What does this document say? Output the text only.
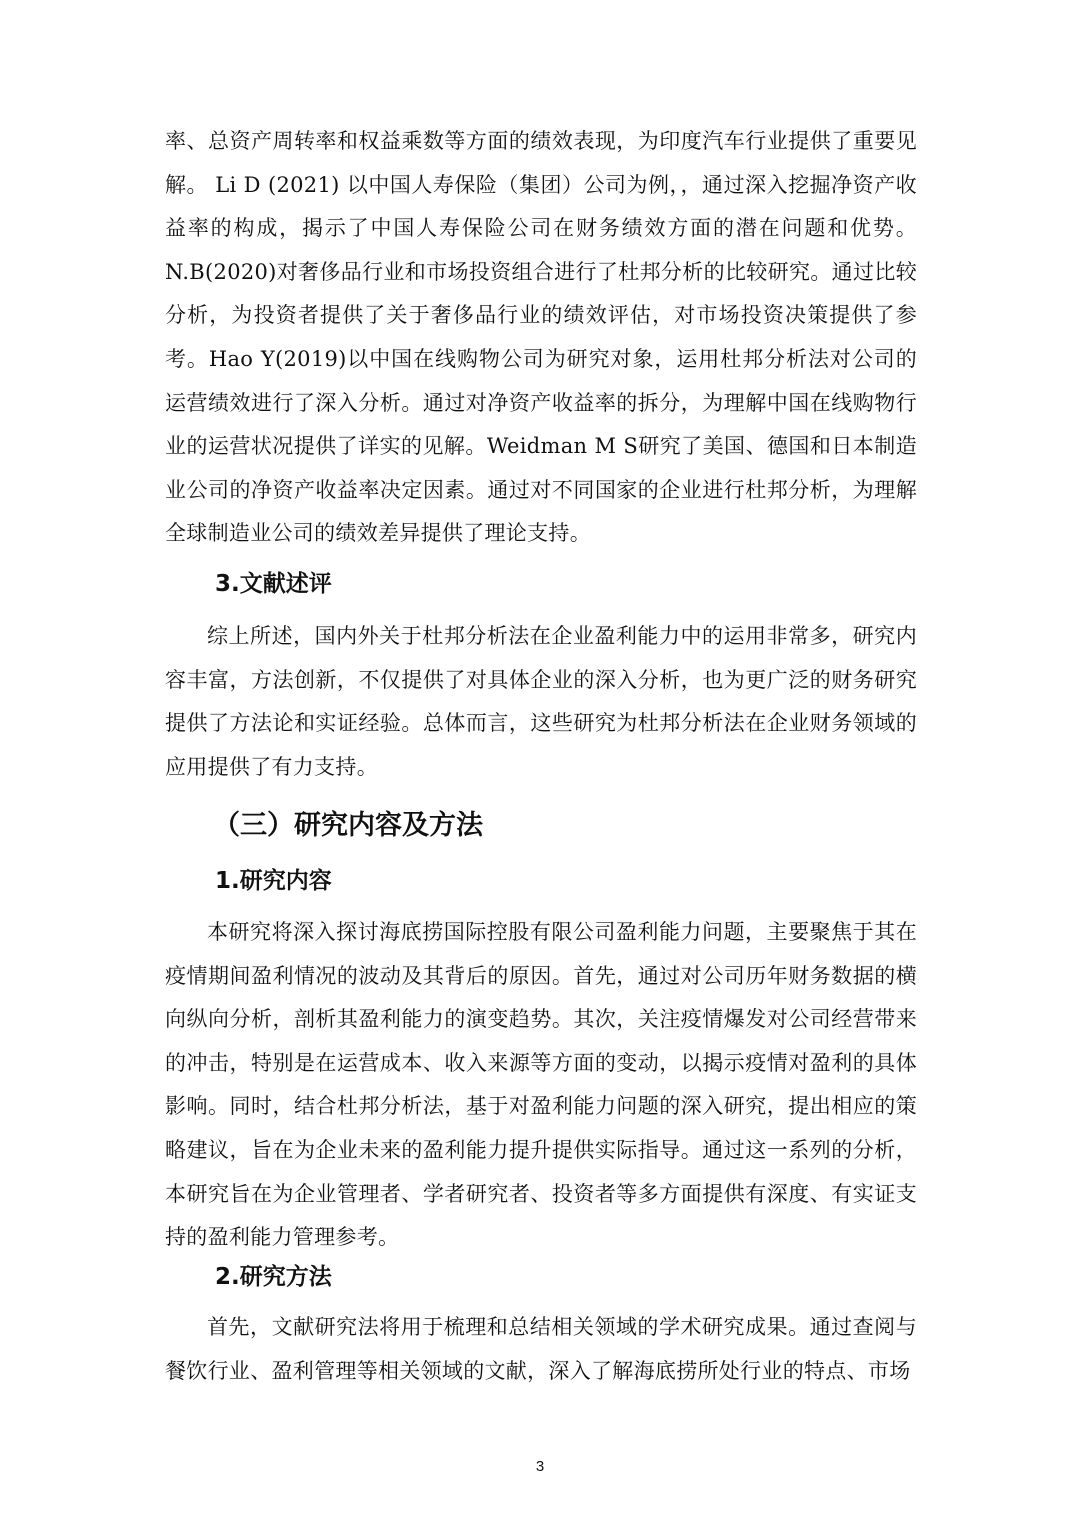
率、总资产周转率和权益乘数等方面的绩效表现，为印度汽车行业提供了重要见解。 Li D (2021) 以中国人寿保险（集团）公司为例，，通过深入挖掘净资产收益率的构成，揭示了中国人寿保险公司在财务绩效方面的潜在问题和优势。N.B(2020)对奢侈品行业和市场投资组合进行了杜邦分析的比较研究。通过比较分析，为投资者提供了关于奢侈品行业的绩效评估，对市场投资决策提供了参考。Hao Y(2019)以中国在线购物公司为研究对象，运用杜邦分析法对公司的运营绩效进行了深入分析。通过对净资产收益率的拆分，为理解中国在线购物行业的运营状况提供了详实的见解。Weidman M S研究了美国、德国和日本制造业公司的净资产收益率决定因素。通过对不同国家的企业进行杜邦分析，为理解全球制造业公司的绩效差异提供了理论支持。

3.文献述评

综上所述，国内外关于杜邦分析法在企业盈利能力中的运用非常多，研究内容丰富，方法创新，不仅提供了对具体企业的深入分析，也为更广泛的财务研究提供了方法论和实证经验。总体而言，这些研究为杜邦分析法在企业财务领域的应用提供了有力支持。

（三）研究内容及方法
1.研究内容

本研究将深入探讨海底捞国际控股有限公司盈利能力问题，主要聚焦于其在疫情期间盈利情况的波动及其背后的原因。首先，通过对公司历年财务数据的横向纵向分析，剖析其盈利能力的演变趋势。其次，关注疫情爆发对公司经营带来的冲击，特别是在运营成本、收入来源等方面的变动，以揭示疫情对盈利的具体影响。同时，结合杜邦分析法，基于对盈利能力问题的深入研究，提出相应的策略建议，旨在为企业未来的盈利能力提升提供实际指导。通过这一系列的分析，本研究旨在为企业管理者、学者研究者、投资者等多方面提供有深度、有实证支持的盈利能力管理参考。

2.研究方法

首先，文献研究法将用于梳理和总结相关领域的学术研究成果。通过查阅与餐饮行业、盈利管理等相关领域的文献，深入了解海底捞所处行业的特点、市场

3
